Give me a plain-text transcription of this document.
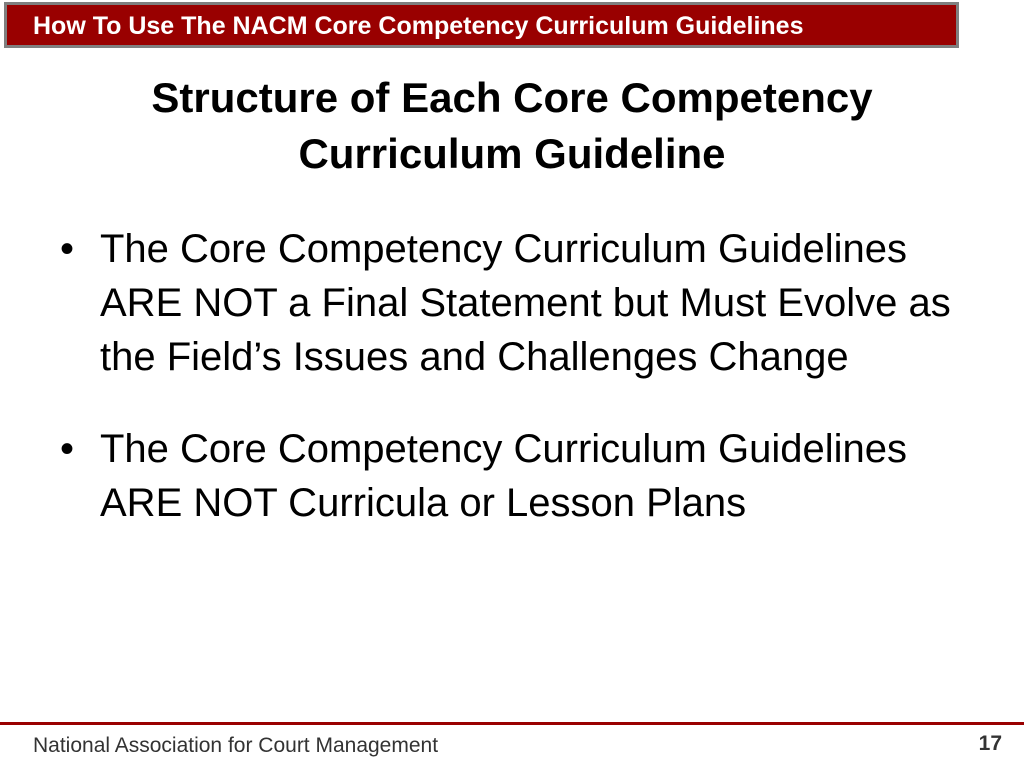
How To Use The NACM Core Competency Curriculum Guidelines
Structure of Each Core Competency
Curriculum Guideline
• The Core Competency Curriculum Guidelines ARE NOT a Final Statement but Must Evolve as the Field’s Issues and Challenges Change
• The Core Competency Curriculum Guidelines ARE NOT Curricula or Lesson Plans
National Association for Court Management	17
